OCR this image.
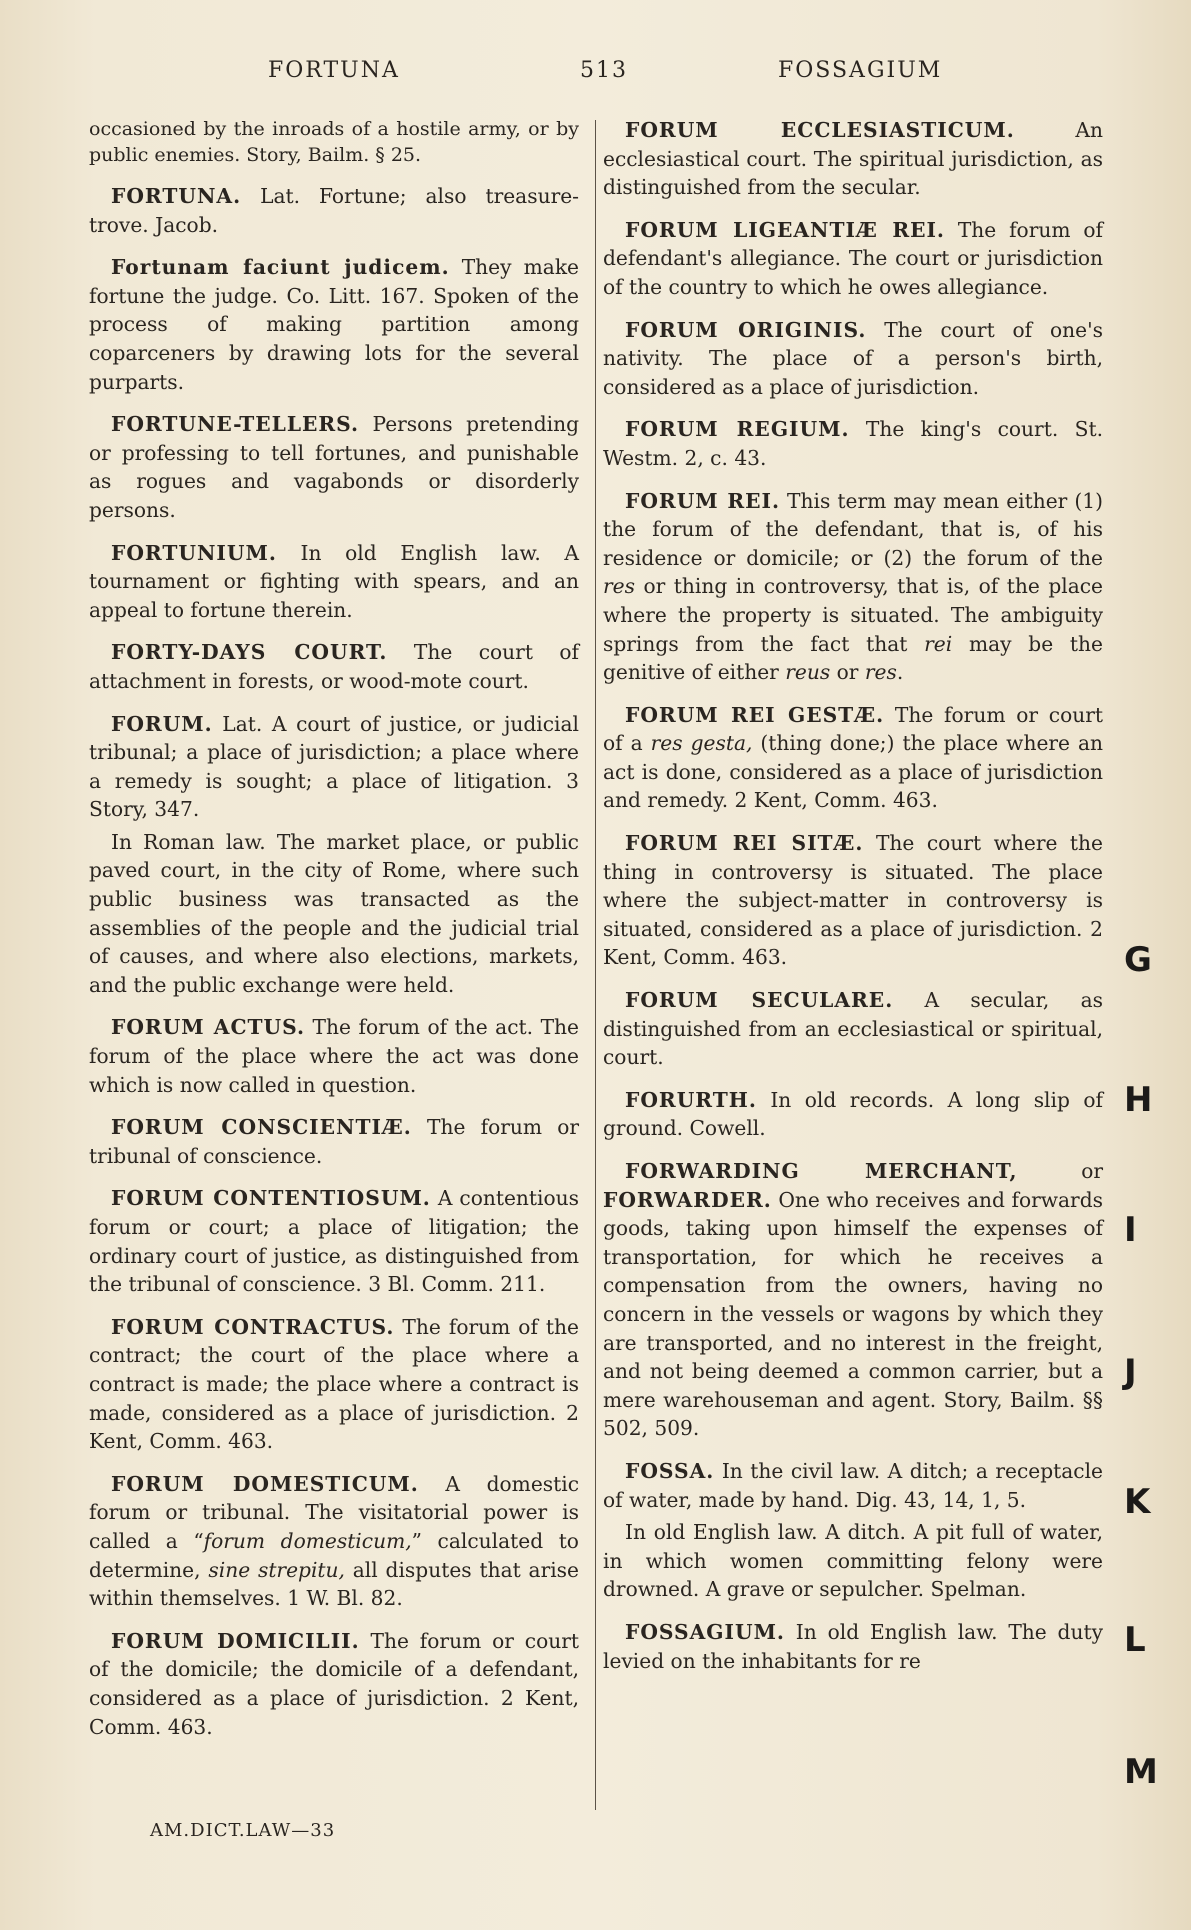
FORTUNA	513	FOSSAGIUM

occasioned by the inroads of a hostile army, or by public enemies. Story, Bailm. § 25.

FORTUNA. Lat. Fortune; also treasure-trove. Jacob.

Fortunam faciunt judicem. They make fortune the judge. Co. Litt. 167. Spoken of the process of making partition among coparceners by drawing lots for the several purparts.

FORTUNE-TELLERS. Persons pretending or professing to tell fortunes, and punishable as rogues and vagabonds or disorderly persons.

FORTUNIUM. In old English law. A tournament or fighting with spears, and an appeal to fortune therein.

FORTY-DAYS COURT. The court of attachment in forests, or wood-mote court.

FORUM. Lat. A court of justice, or judicial tribunal; a place of jurisdiction; a place where a remedy is sought; a place of litigation. 3 Story, 347.

In Roman law. The market place, or public paved court, in the city of Rome, where such public business was transacted as the assemblies of the people and the judicial trial of causes, and where also elections, markets, and the public exchange were held.

FORUM ACTUS. The forum of the act. The forum of the place where the act was done which is now called in question.

FORUM CONSCIENTIÆ. The forum or tribunal of conscience.

FORUM CONTENTIOSUM. A contentious forum or court; a place of litigation; the ordinary court of justice, as distinguished from the tribunal of conscience. 3 Bl. Comm. 211.

FORUM CONTRACTUS. The forum of the contract; the court of the place where a contract is made; the place where a contract is made, considered as a place of jurisdiction. 2 Kent, Comm. 463.

FORUM DOMESTICUM. A domestic forum or tribunal. The visitatorial power is called a “forum domesticum,” calculated to determine, sine strepitu, all disputes that arise within themselves. 1 W. Bl. 82.

FORUM DOMICILII. The forum or court of the domicile; the domicile of a defendant, considered as a place of jurisdiction. 2 Kent, Comm. 463.

FORUM ECCLESIASTICUM. An ecclesiastical court. The spiritual jurisdiction, as distinguished from the secular.

FORUM LIGEANTIÆ REI. The forum of defendant's allegiance. The court or jurisdiction of the country to which he owes allegiance.

FORUM ORIGINIS. The court of one's nativity. The place of a person's birth, considered as a place of jurisdiction.

FORUM REGIUM. The king's court. St. Westm. 2, c. 43.

FORUM REI. This term may mean either (1) the forum of the defendant, that is, of his residence or domicile; or (2) the forum of the res or thing in controversy, that is, of the place where the property is situated. The ambiguity springs from the fact that rei may be the genitive of either reus or res.

FORUM REI GESTÆ. The forum or court of a res gesta, (thing done;) the place where an act is done, considered as a place of jurisdiction and remedy. 2 Kent, Comm. 463.

FORUM REI SITÆ. The court where the thing in controversy is situated. The place where the subject-matter in controversy is situated, considered as a place of jurisdiction. 2 Kent, Comm. 463.

FORUM SECULARE. A secular, as distinguished from an ecclesiastical or spiritual, court.

FORURTH. In old records. A long slip of ground. Cowell.

FORWARDING MERCHANT, or FORWARDER. One who receives and forwards goods, taking upon himself the expenses of transportation, for which he receives a compensation from the owners, having no concern in the vessels or wagons by which they are transported, and no interest in the freight, and not being deemed a common carrier, but a mere warehouseman and agent. Story, Bailm. §§ 502, 509.

FOSSA. In the civil law. A ditch; a receptacle of water, made by hand. Dig. 43, 14, 1, 5.

In old English law. A ditch. A pit full of water, in which women committing felony were drowned. A grave or sepulcher. Spelman.

FOSSAGIUM. In old English law. The duty levied on the inhabitants for re

AM.DICT.LAW—33
G
H
I
J
K
L
M
